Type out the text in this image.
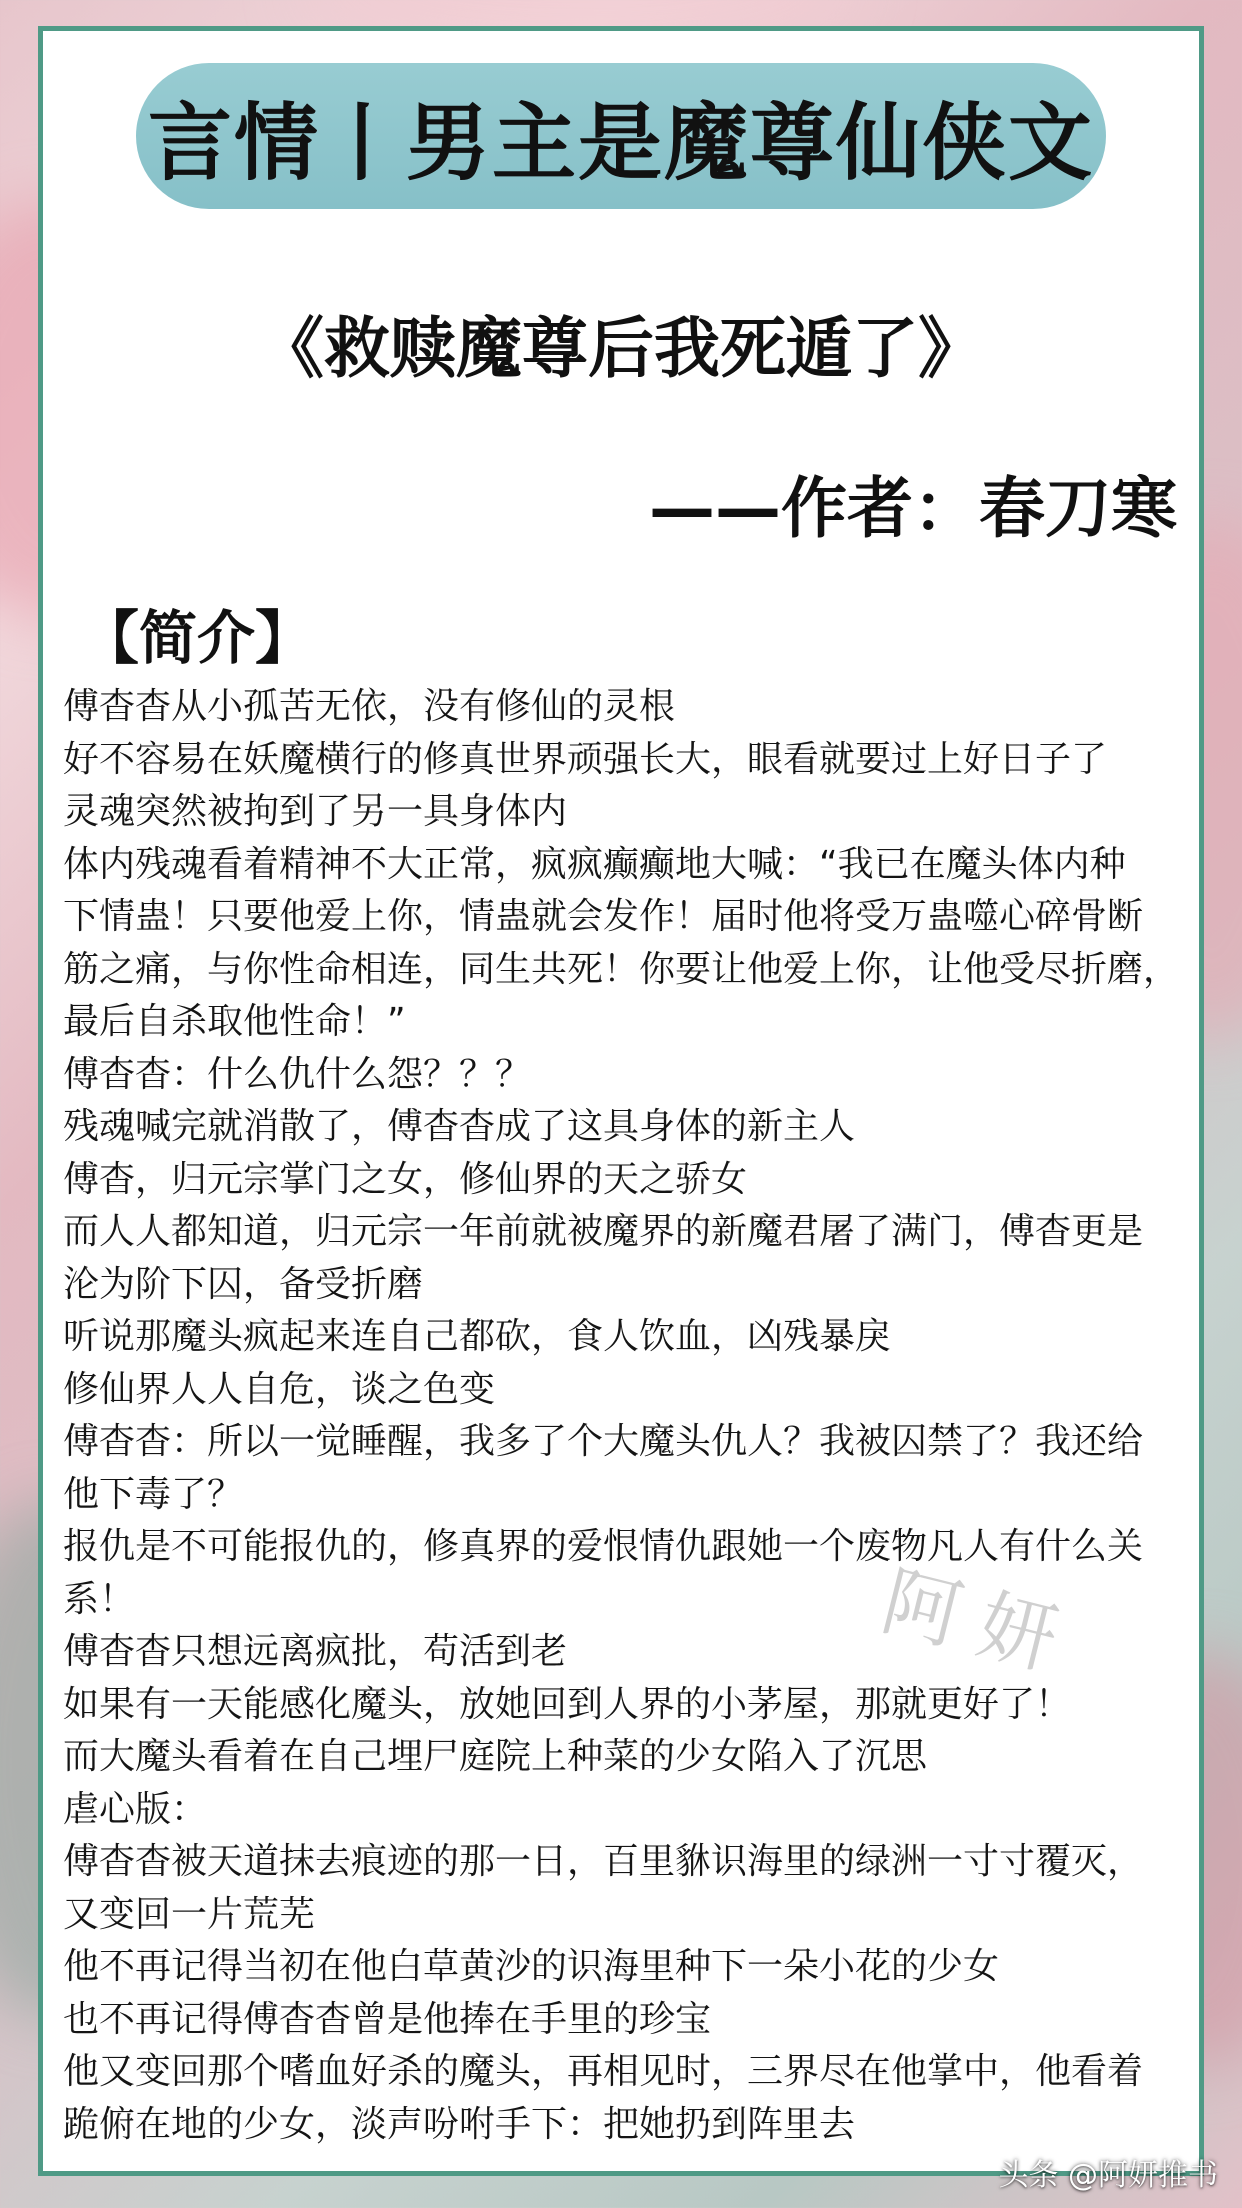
言情丨男主是魔尊仙侠文
《救赎魔尊后我死遁了》
——作者：春刀寒
【简介】
傅杳杳从小孤苦无依，没有修仙的灵根
好不容易在妖魔横行的修真世界顽强长大，眼看就要过上好日子了
灵魂突然被拘到了另一具身体内
体内残魂看着精神不大正常，疯疯癫癫地大喊：“我已在魔头体内种
下情蛊！只要他爱上你，情蛊就会发作！届时他将受万蛊噬心碎骨断
筋之痛，与你性命相连，同生共死！你要让他爱上你，让他受尽折磨，
最后自杀取他性命！”
傅杳杳：什么仇什么怨？？？
残魂喊完就消散了，傅杳杳成了这具身体的新主人
傅杳，归元宗掌门之女，修仙界的天之骄女
而人人都知道，归元宗一年前就被魔界的新魔君屠了满门，傅杳更是
沦为阶下囚，备受折磨
听说那魔头疯起来连自己都砍，食人饮血，凶残暴戾
修仙界人人自危，谈之色变
傅杳杳：所以一觉睡醒，我多了个大魔头仇人？我被囚禁了？我还给
他下毒了？
报仇是不可能报仇的，修真界的爱恨情仇跟她一个废物凡人有什么关
系！
傅杳杳只想远离疯批，苟活到老
如果有一天能感化魔头，放她回到人界的小茅屋，那就更好了！
而大魔头看着在自己埋尸庭院上种菜的少女陷入了沉思
虐心版：
傅杳杳被天道抹去痕迹的那一日，百里貅识海里的绿洲一寸寸覆灭，
又变回一片荒芜
他不再记得当初在他白草黄沙的识海里种下一朵小花的少女
也不再记得傅杳杳曾是他捧在手里的珍宝
他又变回那个嗜血好杀的魔头，再相见时，三界尽在他掌中，他看着
跪俯在地的少女，淡声吩咐手下：把她扔到阵里去
阿妍
头条 @阿妍推书
